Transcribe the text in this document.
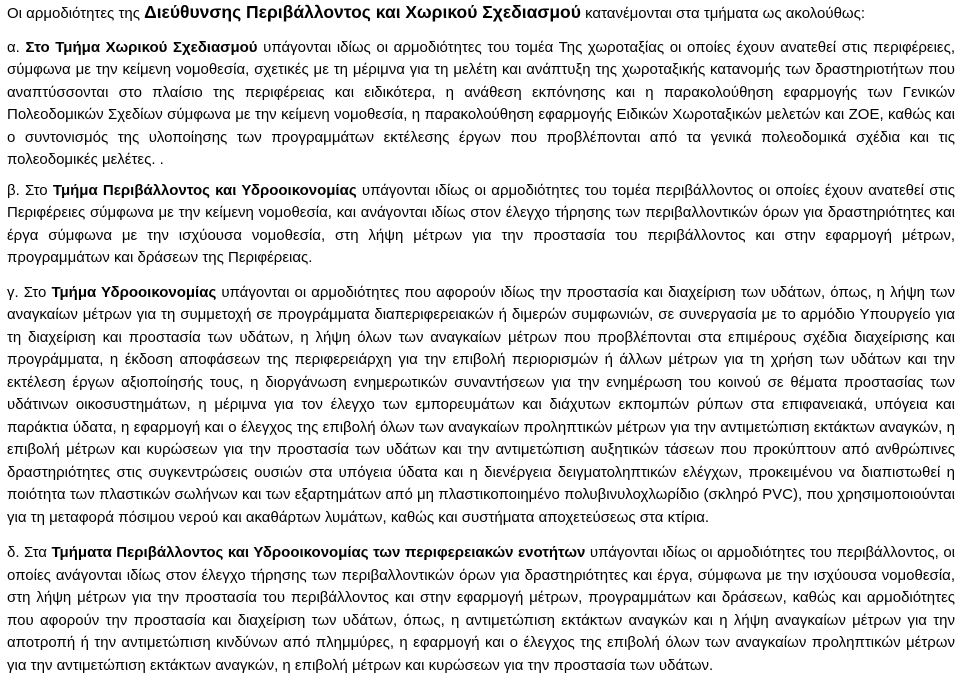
Οι αρμοδιότητες της Διεύθυνσης Περιβάλλοντος και Χωρικού Σχεδιασμού κατανέμονται στα τμήματα ως ακολούθως:

α. Στο Τμήμα Χωρικού Σχεδιασμού υπάγονται ιδίως οι αρμοδιότητες του τομέα Της χωροταξίας οι οποίες έχουν ανατεθεί στις περιφέρειες, σύμφωνα με την κείμενη νομοθεσία, σχετικές με τη μέριμνα για τη μελέτη και ανάπτυξη της χωροταξικής κατανομής των δραστηριοτήτων που αναπτύσσονται στο πλαίσιο της περιφέρειας και ειδικότερα, η ανάθεση εκπόνησης και η παρακολούθηση εφαρμογής των Γενικών Πολεοδομικών Σχεδίων σύμφωνα με την κείμενη νομοθεσία, η παρακολούθηση εφαρμογής Ειδικών Χωροταξικών μελετών και ΖΟΕ, καθώς και ο συντονισμός της υλοποίησης των προγραμμάτων εκτέλεσης έργων που προβλέπονται από τα γενικά πολεοδομικά σχέδια και τις πολεοδομικές μελέτες. .

β. Στο Τμήμα Περιβάλλοντος και Υδροοικονομίας υπάγονται ιδίως οι αρμοδιότητες του τομέα περιβάλλοντος οι οποίες έχουν ανατεθεί στις Περιφέρειες σύμφωνα με την κείμενη νομοθεσία, και ανάγονται ιδίως στον έλεγχο τήρησης των περιβαλλοντικών όρων για δραστηριότητες και έργα σύμφωνα με την ισχύουσα νομοθεσία, στη λήψη μέτρων για την προστασία του περιβάλλοντος και στην εφαρμογή μέτρων, προγραμμάτων και δράσεων της Περιφέρειας.

γ. Στο Τμήμα Υδροοικονομίας υπάγονται οι αρμοδιότητες που αφορούν ιδίως την προστασία και διαχείριση των υδάτων, όπως, η λήψη των αναγκαίων μέτρων για τη συμμετοχή σε προγράμματα διαπεριφερειακών ή διμερών συμφωνιών, σε συνεργασία με το αρμόδιο Υπουργείο για τη διαχείριση και προστασία των υδάτων, η λήψη όλων των αναγκαίων μέτρων που προβλέπονται στα επιμέρους σχέδια διαχείρισης και προγράμματα, η έκδοση αποφάσεων της περιφερειάρχη για την επιβολή περιορισμών ή άλλων μέτρων για τη χρήση των υδάτων και την εκτέλεση έργων αξιοποίησής τους, η διοργάνωση ενημερωτικών συναντήσεων για την ενημέρωση του κοινού σε θέματα προστασίας των υδάτινων οικοσυστημάτων, η μέριμνα για τον έλεγχο των εμπορευμάτων και διάχυτων εκπομπών ρύπων στα επιφανειακά, υπόγεια και παράκτια ύδατα, η εφαρμογή και ο έλεγχος της επιβολή όλων των αναγκαίων προληπτικών μέτρων για την αντιμετώπιση εκτάκτων αναγκών, η επιβολή μέτρων και κυρώσεων για την προστασία των υδάτων και την αντιμετώπιση αυξητικών τάσεων που προκύπτουν από ανθρώπινες δραστηριότητες στις συγκεντρώσεις ουσιών στα υπόγεια ύδατα και η διενέργεια δειγματοληπτικών ελέγχων, προκειμένου να διαπιστωθεί η ποιότητα των πλαστικών σωλήνων και των εξαρτημάτων από μη πλαστικοποιημένο πολυβινυλοχλωρίδιο (σκληρό PVC), που χρησιμοποιούνται για τη μεταφορά πόσιμου νερού και ακαθάρτων λυμάτων, καθώς και συστήματα αποχετεύσεως στα κτίρια.

δ. Στα Τμήματα Περιβάλλοντος και Υδροοικονομίας των περιφερειακών ενοτήτων υπάγονται ιδίως οι αρμοδιότητες του περιβάλλοντος, οι οποίες ανάγονται ιδίως στον έλεγχο τήρησης των περιβαλλοντικών όρων για δραστηριότητες και έργα, σύμφωνα με την ισχύουσα νομοθεσία, στη λήψη μέτρων για την προστασία του περιβάλλοντος και στην εφαρμογή μέτρων, προγραμμάτων και δράσεων, καθώς και αρμοδιότητες που αφορούν την προστασία και διαχείριση των υδάτων, όπως, η αντιμετώπιση εκτάκτων αναγκών και η λήψη αναγκαίων μέτρων για την αποτροπή ή την αντιμετώπιση κινδύνων από πλημμύρες, η εφαρμογή και ο έλεγχος της επιβολή όλων των αναγκαίων προληπτικών μέτρων για την αντιμετώπιση εκτάκτων αναγκών, η επιβολή μέτρων και κυρώσεων για την προστασία των υδάτων.
